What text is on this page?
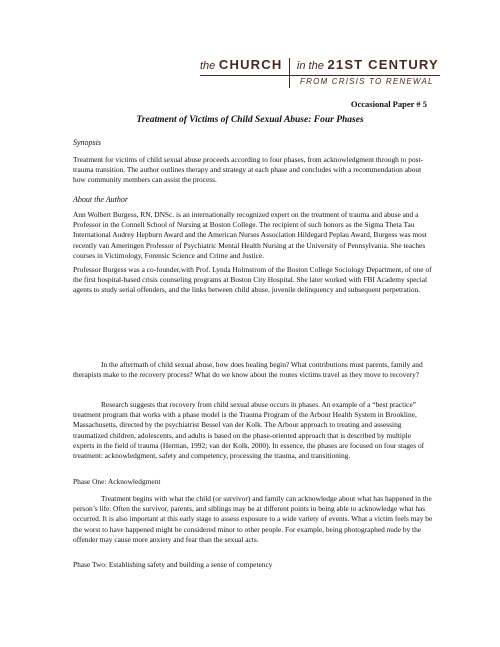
the CHURCH in the 21ST CENTURY
FROM CRISIS TO RENEWAL
Occasional Paper # 5
Treatment of Victims of Child Sexual Abuse: Four Phases
Synopsis

Treatment for victims of child sexual abuse proceeds according to four phases, from acknowledgment through to post-trauma transition. The author outlines therapy and strategy at each phase and concludes with a recommendation about how community members can assist the process.

About the Author

Ann Wolbert Burgess, RN, DNSc. is an internationally recognized expert on the treatment of trauma and abuse and a Professor in the Connell School of Nursing at Boston College. The recipient of such honors as the Sigma Theta Tau International Audrey Hepburn Award and the American Nurses Association Hildegard Peplau Award, Burgess was most recently van Ameringen Professor of Psychiatric Mental Health Nursing at the University of Pennsylvania. She teaches courses in Victimology, Forensic Science and Crime and Justice.

Professor Burgess was a co-founder,with Prof. Lynda Holmstrom of the Boston College Sociology Department, of one of the first hospital-based crisis counseling programs at Boston City Hospital. She later worked with FBI Academy special agents to study serial offenders, and the links between child abuse, juvenile delinquency and subsequent perpetration.

In the aftermath of child sexual abuse, how does healing begin? What contributions must parents, family and therapists make to the recovery process? What do we know about the routes victims travel as they move to recovery?

Research suggests that recovery from child sexual abuse occurs in phases. An example of a “best practice” treatment program that works with a phase model is the Trauma Program of the Arbour Health System in Brookline, Massachusetts, directed by the psychiatrist Bessel van der Kolk. The Arbour approach to treating and assessing traumatized children, adolescents, and adults is based on the phase-oriented approach that is described by multiple experts in the field of trauma (Herman, 1992; van der Kolk, 2000). In essence, the phases are focused on four stages of treatment: acknowledgment, safety and competency, processing the trauma, and transitioning.

Phase One: Acknowledgment

Treatment begins with what the child (or survivor) and family can acknowledge about what has happened in the person’s life. Often the survivor, parents, and siblings may be at different points in being able to acknowledge what has occurred. It is also important at this early stage to assess exposure to a wide variety of events. What a victim feels may be the worst to have happened might be considered minor to other people. For example, being photographed nude by the offender may cause more anxiety and fear than the sexual acts.

Phase Two: Establishing safety and building a sense of competency
